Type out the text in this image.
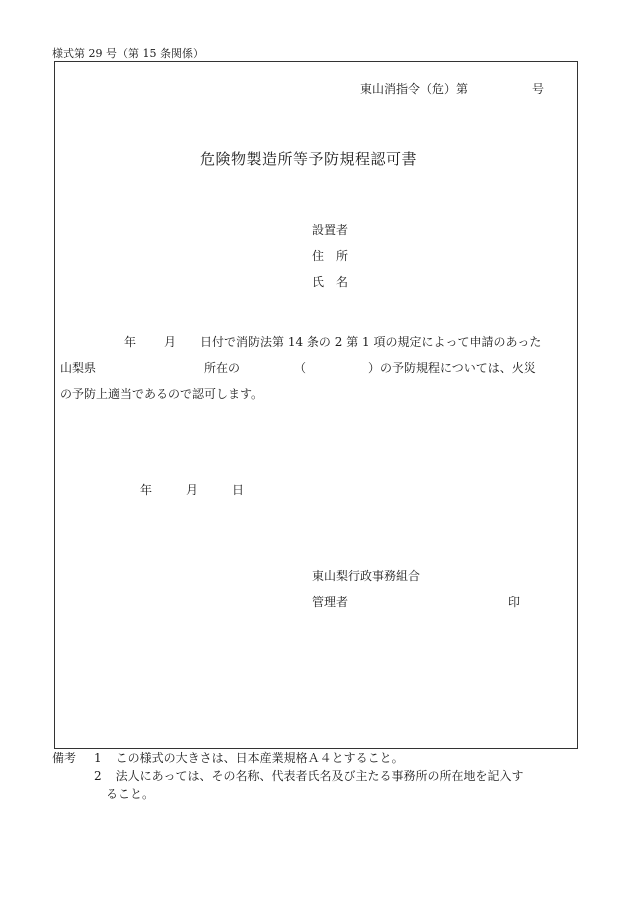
様式第 29 号（第 15 条関係）
東山消指令（危）第	号
危険物製造所等予防規程認可書
設置者
住　所
氏　名
年 月 日付で消防法第 14 条の 2 第 1 項の規定によって申請のあった
山梨県	所在の	（	）の予防規程については、火災
の予防上適当であるので認可します。
年	月	日
東山梨行政事務組合
管理者	印
備考 1 この様式の大きさは、日本産業規格Ａ４とすること。
2 法人にあっては、その名称、代表者氏名及び主たる事務所の所在地を記入す
ること。
